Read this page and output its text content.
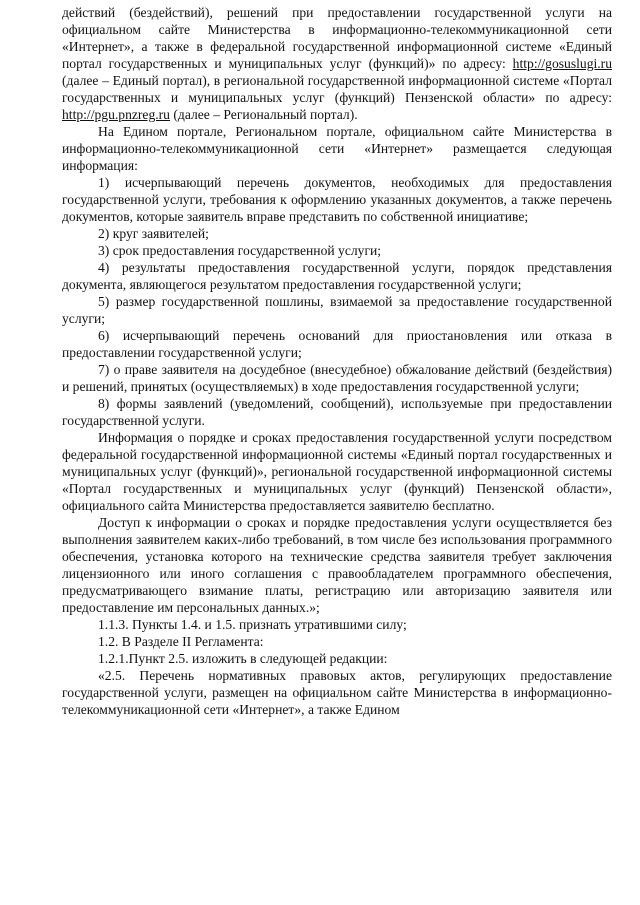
действий (бездействий), решений при предоставлении государственной услуги на официальном сайте Министерства в информационно-телекоммуникационной сети «Интернет», а также в федеральной государственной информационной системе «Единый портал государственных и муниципальных услуг (функций)» по адресу: http://gosuslugi.ru (далее – Единый портал), в региональной государственной информационной системе «Портал государственных и муниципальных услуг (функций) Пензенской области» по адресу: http://pgu.pnzreg.ru (далее – Региональный портал).

На Едином портале, Региональном портале, официальном сайте Министерства в информационно-телекоммуникационной сети «Интернет» размещается следующая информация:

1) исчерпывающий перечень документов, необходимых для предоставления государственной услуги, требования к оформлению указанных документов, а также перечень документов, которые заявитель вправе представить по собственной инициативе;

2) круг заявителей;

3) срок предоставления государственной услуги;

4) результаты предоставления государственной услуги, порядок представления документа, являющегося результатом предоставления государственной услуги;

5) размер государственной пошлины, взимаемой за предоставление государственной услуги;

6) исчерпывающий перечень оснований для приостановления или отказа в предоставлении государственной услуги;

7) о праве заявителя на досудебное (внесудебное) обжалование действий (бездействия) и решений, принятых (осуществляемых) в ходе предоставления государственной услуги;

8) формы заявлений (уведомлений, сообщений), используемые при предоставлении государственной услуги.

Информация о порядке и сроках предоставления государственной услуги посредством федеральной государственной информационной системы «Единый портал государственных и муниципальных услуг (функций)», региональной государственной информационной системы «Портал государственных и муниципальных услуг (функций) Пензенской области», официального сайта Министерства предоставляется заявителю бесплатно.

Доступ к информации о сроках и порядке предоставления услуги осуществляется без выполнения заявителем каких-либо требований, в том числе без использования программного обеспечения, установка которого на технические средства заявителя требует заключения лицензионного или иного соглашения с правообладателем программного обеспечения, предусматривающего взимание платы, регистрацию или авторизацию заявителя или предоставление им персональных данных.»;

1.1.3. Пункты 1.4. и 1.5. признать утратившими силу;

1.2. В Разделе II Регламента:

1.2.1.Пункт 2.5. изложить в следующей редакции:

«2.5. Перечень нормативных правовых актов, регулирующих предоставление государственной услуги, размещен на официальном сайте Министерства в информационно-телекоммуникационной сети «Интернет», а также Едином
